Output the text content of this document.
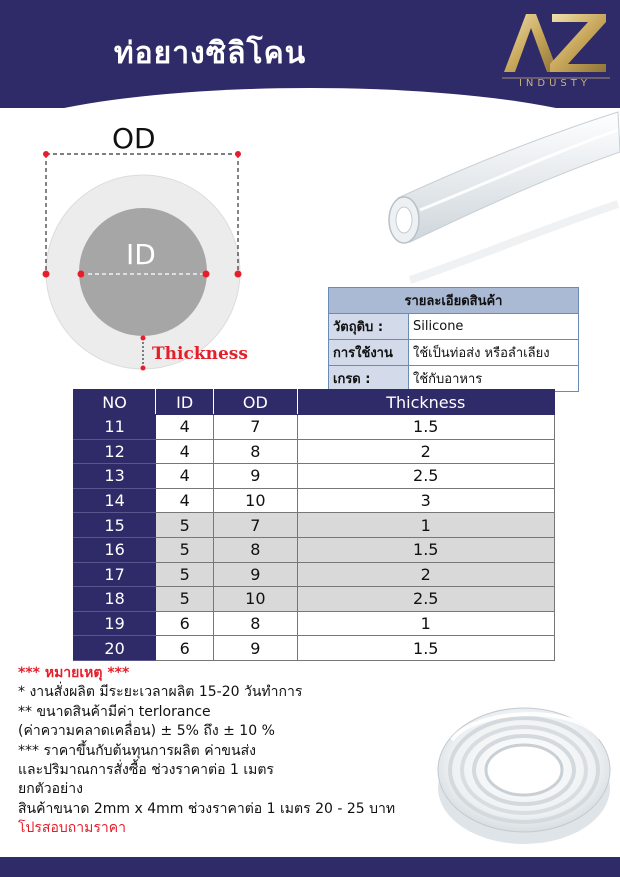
ท่อยางซิลิโคน
INDUSTY
OD
ID
Thickness
รายละเอียดสินค้า	
วัตถุดิบ :	Silicone
การใช้งาน	ใช้เป็นท่อส่ง หรือลำเลียง
เกรด :	ใช้กับอาหาร
NO	ID	OD	Thickness
11	4	7	1.5
12	4	8	2
13	4	9	2.5
14	4	10	3
15	5	7	1
16	5	8	1.5
17	5	9	2
18	5	10	2.5
19	6	8	1
20	6	9	1.5
*** หมายเหตุ ***
* งานสั่งผลิต มีระยะเวลาผลิต 15-20 วันทำการ
** ขนาดสินค้ามีค่า terlorance
(ค่าความคลาดเคลื่อน) ± 5% ถึง ± 10 %
*** ราคาขึ้นกับต้นทุนการผลิต ค่าขนส่ง
และปริมาณการสั่งซื้อ ช่วงราคาต่อ 1 เมตร
ยกตัวอย่าง
สินค้าขนาด 2mm x 4mm ช่วงราคาต่อ 1 เมตร 20 - 25 บาท
โปรสอบถามราคา
